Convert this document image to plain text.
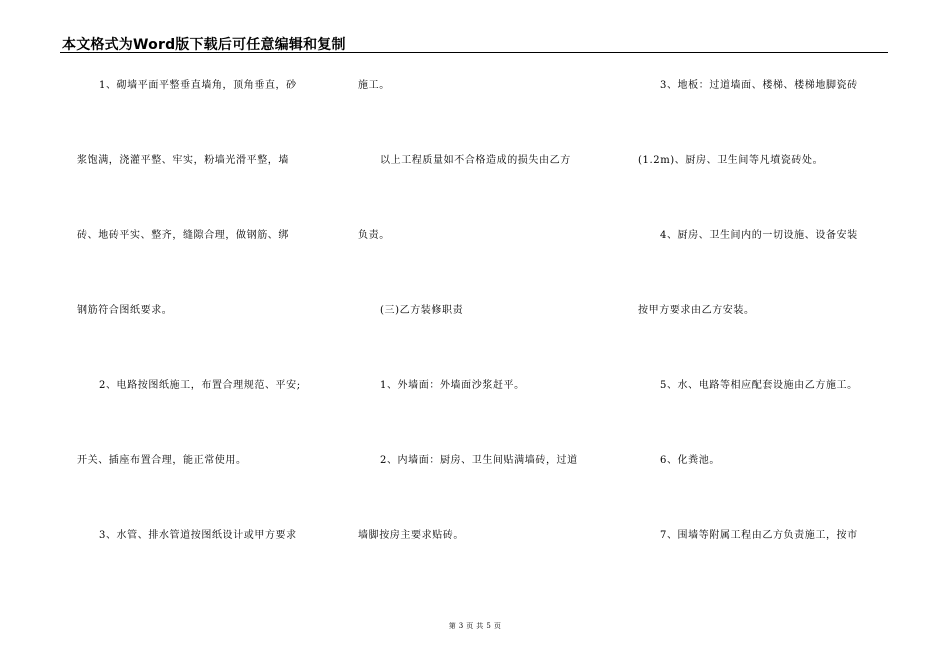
本文格式为Word版下载后可任意编辑和复制
1、砌墙平面平整垂直墙角，顶角垂直，砂
浆饱满，浇灌平整、牢实，粉墙光滑平整，墙
砖、地砖平实、整齐，缝隙合理，做钢筋、绑
钢筋符合图纸要求。
2、电路按图纸施工，布置合理规范、平安;
开关、插座布置合理，能正常使用。
3、水管、排水管道按图纸设计或甲方要求
施工。
以上工程质量如不合格造成的损失由乙方
负责。
(三)乙方装修职责
1、外墙面：外墙面沙浆赶平。
2、内墙面：厨房、卫生间贴满墙砖，过道
墙脚按房主要求贴砖。
3、地板：过道墙面、楼梯、楼梯地脚瓷砖
(1.2m)、厨房、卫生间等凡墳瓷砖处。
4、厨房、卫生间内的一切设施、设备安装
按甲方要求由乙方安装。
5、水、电路等相应配套设施由乙方施工。
6、化粪池。
7、围墙等附属工程由乙方负责施工，按市
第 3 页 共 5 页
